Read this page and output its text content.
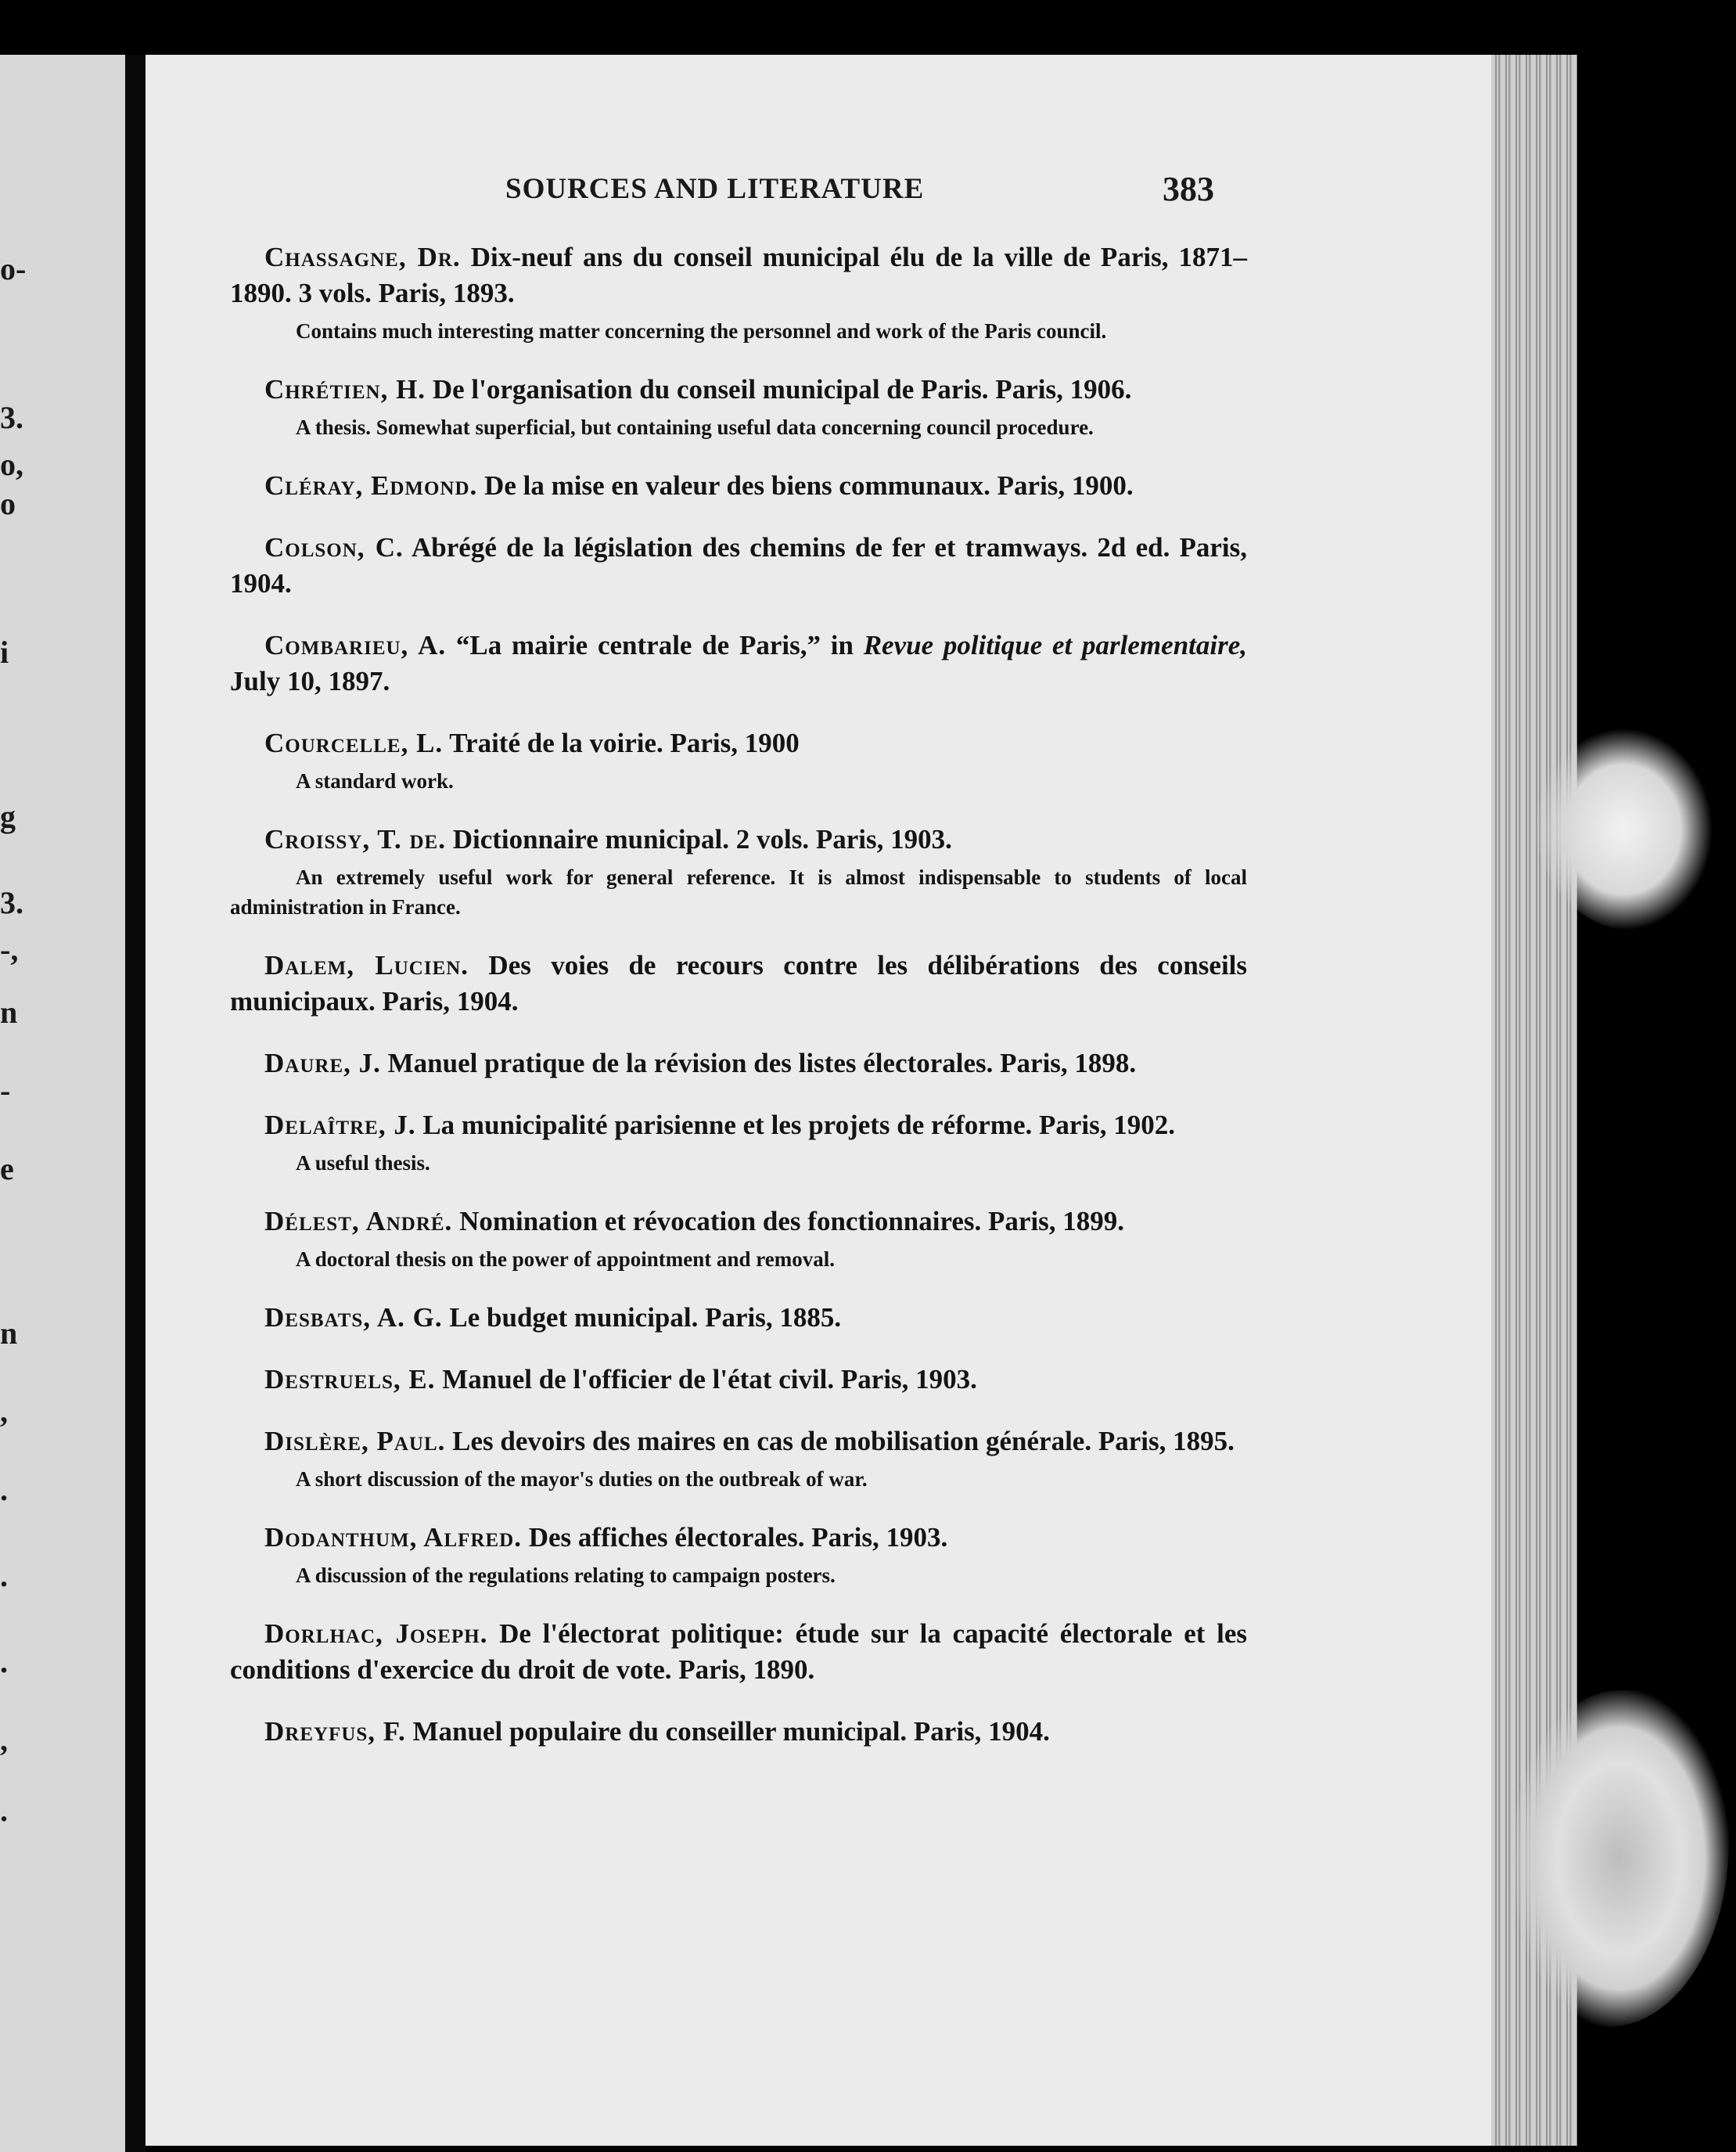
o-
3.
o,
o
i
g
3.
-,
n
-
e
n
,
.
.
.
,
.
SOURCES AND LITERATURE	383

Chassagne, Dr. Dix-neuf ans du conseil municipal élu de la ville de Paris, 1871–1890. 3 vols. Paris, 1893.

Contains much interesting matter concerning the personnel and work of the Paris council.

Chrétien, H. De l'organisation du conseil municipal de Paris. Paris, 1906.

A thesis. Somewhat superficial, but containing useful data concerning council procedure.

Cléray, Edmond. De la mise en valeur des biens communaux. Paris, 1900.

Colson, C. Abrégé de la législation des chemins de fer et tramways. 2d ed. Paris, 1904.

Combarieu, A. “La mairie centrale de Paris,” in Revue politique et parlementaire, July 10, 1897.

Courcelle, L. Traité de la voirie. Paris, 1900

A standard work.

Croissy, T. de. Dictionnaire municipal. 2 vols. Paris, 1903.

An extremely useful work for general reference. It is almost indispensable to students of local administration in France.

Dalem, Lucien. Des voies de recours contre les délibérations des conseils municipaux. Paris, 1904.

Daure, J. Manuel pratique de la révision des listes électorales. Paris, 1898.

Delaître, J. La municipalité parisienne et les projets de réforme. Paris, 1902.

A useful thesis.

Délest, André. Nomination et révocation des fonctionnaires. Paris, 1899.

A doctoral thesis on the power of appointment and removal.

Desbats, A. G. Le budget municipal. Paris, 1885.

Destruels, E. Manuel de l'officier de l'état civil. Paris, 1903.

Dislère, Paul. Les devoirs des maires en cas de mobilisation générale. Paris, 1895.

A short discussion of the mayor's duties on the outbreak of war.

Dodanthum, Alfred. Des affiches électorales. Paris, 1903.

A discussion of the regulations relating to campaign posters.

Dorlhac, Joseph. De l'électorat politique: étude sur la capacité électorale et les conditions d'exercice du droit de vote. Paris, 1890.

Dreyfus, F. Manuel populaire du conseiller municipal. Paris, 1904.
